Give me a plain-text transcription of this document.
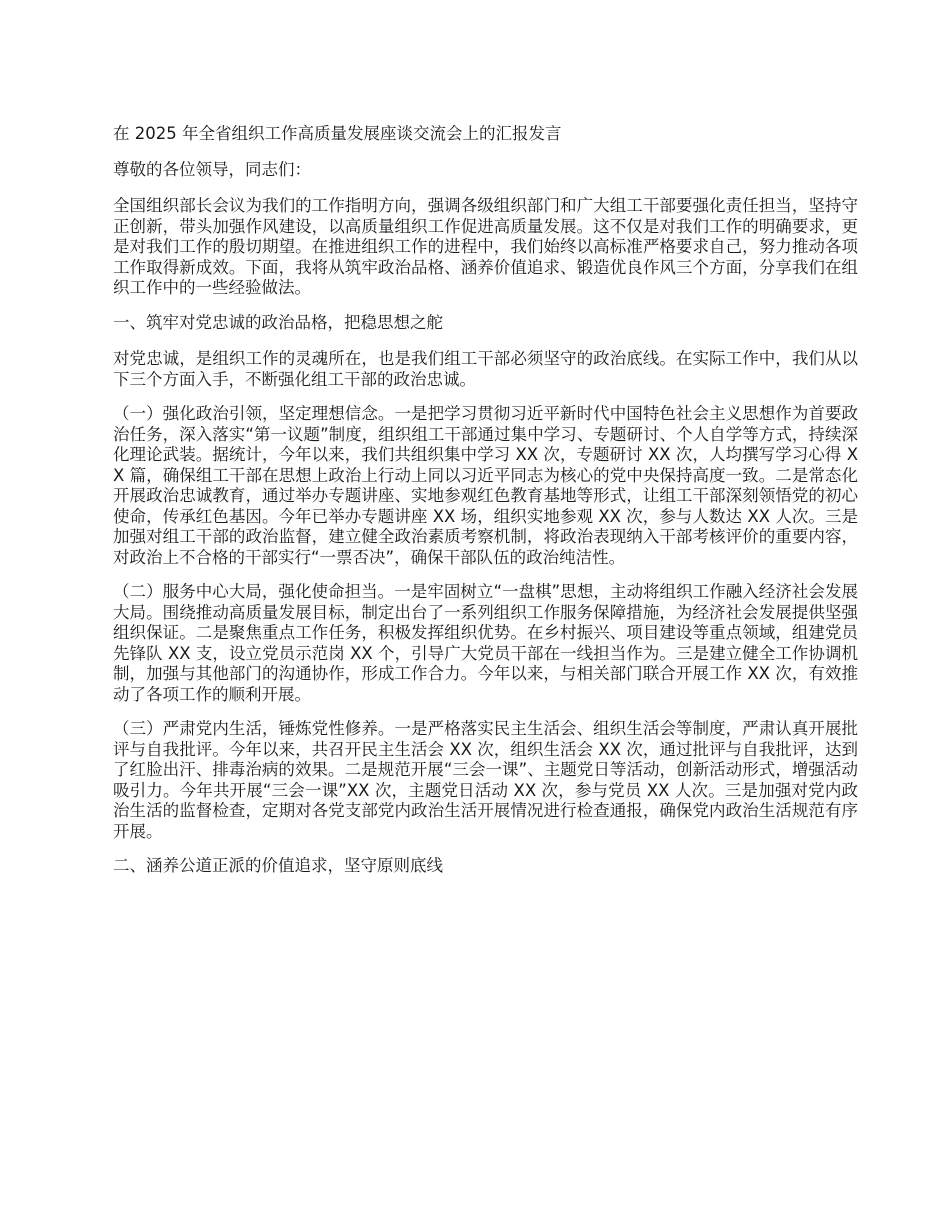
在 2025 年全省组织工作高质量发展座谈交流会上的汇报发言

尊敬的各位领导，同志们：

全国组织部长会议为我们的工作指明方向，强调各级组织部门和广大组工干部要强化责任担当，坚持守正创新，带头加强作风建设，以高质量组织工作促进高质量发展。这不仅是对我们工作的明确要求，更是对我们工作的殷切期望。在推进组织工作的进程中，我们始终以高标准严格要求自己，努力推动各项工作取得新成效。下面，我将从筑牢政治品格、涵养价值追求、锻造优良作风三个方面，分享我们在组织工作中的一些经验做法。

一、筑牢对党忠诚的政治品格，把稳思想之舵

对党忠诚，是组织工作的灵魂所在，也是我们组工干部必须坚守的政治底线。在实际工作中，我们从以下三个方面入手，不断强化组工干部的政治忠诚。

（一）强化政治引领，坚定理想信念。一是把学习贯彻习近平新时代中国特色社会主义思想作为首要政治任务，深入落实“第一议题”制度，组织组工干部通过集中学习、专题研讨、个人自学等方式，持续深化理论武装。据统计，今年以来，我们共组织集中学习 XX 次，专题研讨 XX 次，人均撰写学习心得 XX 篇，确保组工干部在思想上政治上行动上同以习近平同志为核心的党中央保持高度一致。二是常态化开展政治忠诚教育，通过举办专题讲座、实地参观红色教育基地等形式，让组工干部深刻领悟党的初心使命，传承红色基因。今年已举办专题讲座 XX 场，组织实地参观 XX 次，参与人数达 XX 人次。三是加强对组工干部的政治监督，建立健全政治素质考察机制，将政治表现纳入干部考核评价的重要内容，对政治上不合格的干部实行“一票否决”，确保干部队伍的政治纯洁性。

（二）服务中心大局，强化使命担当。一是牢固树立“一盘棋”思想，主动将组织工作融入经济社会发展大局。围绕推动高质量发展目标，制定出台了一系列组织工作服务保障措施，为经济社会发展提供坚强组织保证。二是聚焦重点工作任务，积极发挥组织优势。在乡村振兴、项目建设等重点领域，组建党员先锋队 XX 支，设立党员示范岗 XX 个，引导广大党员干部在一线担当作为。三是建立健全工作协调机制，加强与其他部门的沟通协作，形成工作合力。今年以来，与相关部门联合开展工作 XX 次，有效推动了各项工作的顺利开展。

（三）严肃党内生活，锤炼党性修养。一是严格落实民主生活会、组织生活会等制度，严肃认真开展批评与自我批评。今年以来，共召开民主生活会 XX 次，组织生活会 XX 次，通过批评与自我批评，达到了红脸出汗、排毒治病的效果。二是规范开展“三会一课”、主题党日等活动，创新活动形式，增强活动吸引力。今年共开展“三会一课”XX 次，主题党日活动 XX 次，参与党员 XX 人次。三是加强对党内政治生活的监督检查，定期对各党支部党内政治生活开展情况进行检查通报，确保党内政治生活规范有序开展。

二、涵养公道正派的价值追求，坚守原则底线
